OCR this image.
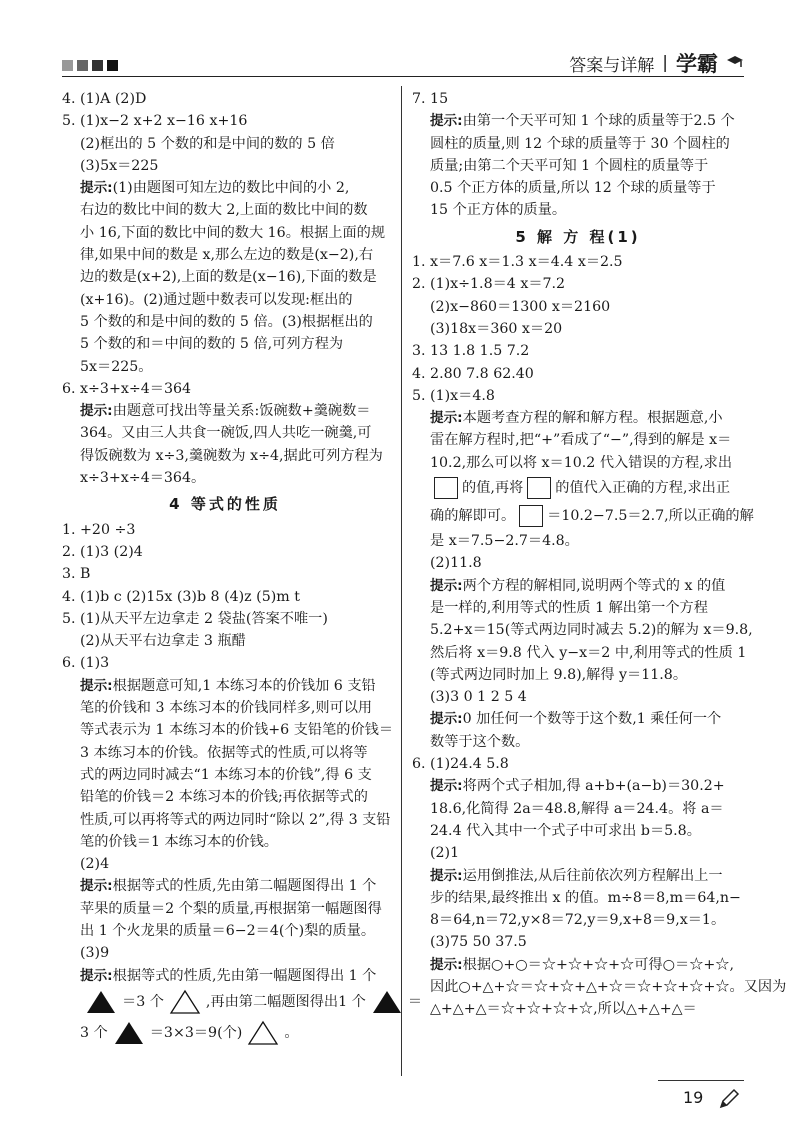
答案与详解 | 学霸
4. (1)A (2)D
5. (1)x−2 x+2 x−16 x+16
(2)框出的 5 个数的和是中间的数的 5 倍
(3)5x＝225
提示:(1)由题图可知左边的数比中间的小 2,
右边的数比中间的数大 2,上面的数比中间的数
小 16,下面的数比中间的数大 16。根据上面的规
律,如果中间的数是 x,那么左边的数是(x−2),右
边的数是(x+2),上面的数是(x−16),下面的数是
(x+16)。(2)通过题中数表可以发现:框出的
5 个数的和是中间的数的 5 倍。(3)根据框出的
5 个数的和＝中间的数的 5 倍,可列方程为
5x＝225。
6. x÷3+x÷4＝364
提示:由题意可找出等量关系:饭碗数+羹碗数＝
364。又由三人共食一碗饭,四人共吃一碗羹,可
得饭碗数为 x÷3,羹碗数为 x÷4,据此可列方程为
x÷3+x÷4＝364。
4 等式的性质
1. +20 ÷3
2. (1)3 (2)4
3. B
4. (1)b c (2)15x (3)b 8 (4)z (5)m t
5. (1)从天平左边拿走 2 袋盐(答案不唯一)
(2)从天平右边拿走 3 瓶醋
6. (1)3
提示:根据题意可知,1 本练习本的价钱加 6 支铅
笔的价钱和 3 本练习本的价钱同样多,则可以用
等式表示为 1 本练习本的价钱+6 支铅笔的价钱＝
3 本练习本的价钱。依据等式的性质,可以将等
式的两边同时减去“1 本练习本的价钱”,得 6 支
铅笔的价钱＝2 本练习本的价钱;再依据等式的
性质,可以再将等式的两边同时“除以 2”,得 3 支铅
笔的价钱＝1 本练习本的价钱。
(2)4
提示:根据等式的性质,先由第二幅题图得出 1 个
苹果的质量＝2 个梨的质量,再根据第一幅题图得
出 1 个火龙果的质量＝6−2＝4(个)梨的质量。
(3)9
提示:根据等式的性质,先由第一幅题图得出 1 个
＝3 个	,再由第二幅题图得出1 个	＝
3 个	＝3×3＝9(个)	。
7. 15
提示:由第一个天平可知 1 个球的质量等于2.5 个
圆柱的质量,则 12 个球的质量等于 30 个圆柱的
质量;由第二个天平可知 1 个圆柱的质量等于
0.5 个正方体的质量,所以 12 个球的质量等于
15 个正方体的质量。
5 解 方 程(1)
1. x＝7.6 x＝1.3 x＝4.4 x＝2.5
2. (1)x÷1.8＝4 x＝7.2
(2)x−860＝1300 x＝2160
(3)18x＝360 x＝20
3. 13 1.8 1.5 7.2
4. 2.80 7.8 62.40
5. (1)x＝4.8
提示:本题考查方程的解和解方程。根据题意,小
雷在解方程时,把“+”看成了“−”,得到的解是 x＝
10.2,那么可以将 x＝10.2 代入错误的方程,求出
的值,再将 的值代入正确的方程,求出正
确的解即可。 ＝10.2−7.5＝2.7,所以正确的解
是 x＝7.5−2.7＝4.8。
(2)11.8
提示:两个方程的解相同,说明两个等式的 x 的值
是一样的,利用等式的性质 1 解出第一个方程
5.2+x＝15(等式两边同时减去 5.2)的解为 x＝9.8,
然后将 x＝9.8 代入 y−x＝2 中,利用等式的性质 1
(等式两边同时加上 9.8),解得 y＝11.8。
(3)3 0 1 2 5 4
提示:0 加任何一个数等于这个数,1 乘任何一个
数等于这个数。
6. (1)24.4 5.8
提示:将两个式子相加,得 a+b+(a−b)＝30.2+
18.6,化简得 2a＝48.8,解得 a＝24.4。将 a＝
24.4 代入其中一个式子中可求出 b＝5.8。
(2)1
提示:运用倒推法,从后往前依次列方程解出上一
步的结果,最终推出 x 的值。m÷8＝8,m＝64,n−
8＝64,n＝72,y×8＝72,y＝9,x+8＝9,x＝1。
(3)75 50 37.5
提示:根据○+○＝☆+☆+☆+☆可得○＝☆+☆,
因此○+△+☆＝☆+☆+△+☆＝☆+☆+☆+☆。又因为
△+△+△＝☆+☆+☆+☆,所以△+△+△＝
19
